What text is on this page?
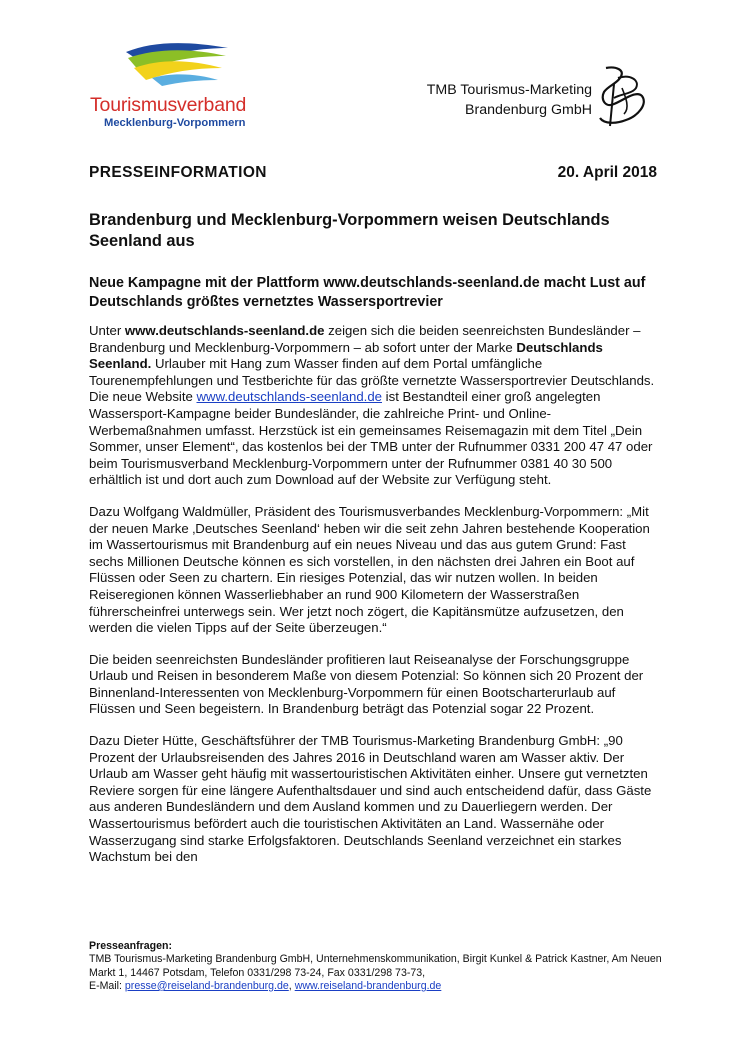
Tourismusverband
Mecklenburg-Vorpommern
TMB Tourismus-Marketing
Brandenburg GmbH
PRESSEINFORMATION	20. April 2018
Brandenburg und Mecklenburg-Vorpommern weisen Deutschlands Seenland aus
Neue Kampagne mit der Plattform www.deutschlands-seenland.de macht Lust auf Deutschlands größtes vernetztes Wassersportrevier

Unter www.deutschlands-seenland.de zeigen sich die beiden seenreichsten Bundesländer – Brandenburg und Mecklenburg-Vorpommern – ab sofort unter der Marke Deutschlands Seenland. Urlauber mit Hang zum Wasser finden auf dem Portal umfängliche Tourenempfehlungen und Testberichte für das größte vernetzte Wassersportrevier Deutschlands. Die neue Website www.deutschlands-seenland.de ist Bestandteil einer groß angelegten Wassersport-Kampagne beider Bundesländer, die zahlreiche Print- und Online-Werbemaßnahmen umfasst. Herzstück ist ein gemeinsames Reisemagazin mit dem Titel „Dein Sommer, unser Element“, das kostenlos bei der TMB unter der Rufnummer 0331 200 47 47 oder beim Tourismusverband Mecklenburg-Vorpommern unter der Rufnummer 0381 40 30 500 erhältlich ist und dort auch zum Download auf der Website zur Verfügung steht.

Dazu Wolfgang Waldmüller, Präsident des Tourismusverbandes Mecklenburg-Vorpommern: „Mit der neuen Marke ‚Deutsches Seenland‘ heben wir die seit zehn Jahren bestehende Kooperation im Wassertourismus mit Brandenburg auf ein neues Niveau und das aus gutem Grund: Fast sechs Millionen Deutsche können es sich vorstellen, in den nächsten drei Jahren ein Boot auf Flüssen oder Seen zu chartern. Ein riesiges Potenzial, das wir nutzen wollen. In beiden Reiseregionen können Wasserliebhaber an rund 900 Kilometern der Wasserstraßen führerscheinfrei unterwegs sein. Wer jetzt noch zögert, die Kapitänsmütze aufzusetzen, den werden die vielen Tipps auf der Seite überzeugen.“

Die beiden seenreichsten Bundesländer profitieren laut Reiseanalyse der Forschungsgruppe Urlaub und Reisen in besonderem Maße von diesem Potenzial: So können sich 20 Prozent der Binnenland-Interessenten von Mecklenburg-Vorpommern für einen Bootscharterurlaub auf Flüssen und Seen begeistern. In Brandenburg beträgt das Potenzial sogar 22 Prozent.

Dazu Dieter Hütte, Geschäftsführer der TMB Tourismus-Marketing Brandenburg GmbH: „90 Prozent der Urlaubsreisenden des Jahres 2016 in Deutschland waren am Wasser aktiv. Der Urlaub am Wasser geht häufig mit wassertouristischen Aktivitäten einher. Unsere gut vernetzten Reviere sorgen für eine längere Aufenthaltsdauer und sind auch entscheidend dafür, dass Gäste aus anderen Bundesländern und dem Ausland kommen und zu Dauerliegern werden. Der Wassertourismus befördert auch die touristischen Aktivitäten an Land. Wassernähe oder Wasserzugang sind starke Erfolgsfaktoren. Deutschlands Seenland verzeichnet ein starkes Wachstum bei den

Presseanfragen:
TMB Tourismus-Marketing Brandenburg GmbH, Unternehmenskommunikation, Birgit Kunkel & Patrick Kastner, Am Neuen Markt 1, 14467 Potsdam, Telefon 0331/298 73-24, Fax 0331/298 73-73,
E-Mail: presse@reiseland-brandenburg.de, www.reiseland-brandenburg.de
